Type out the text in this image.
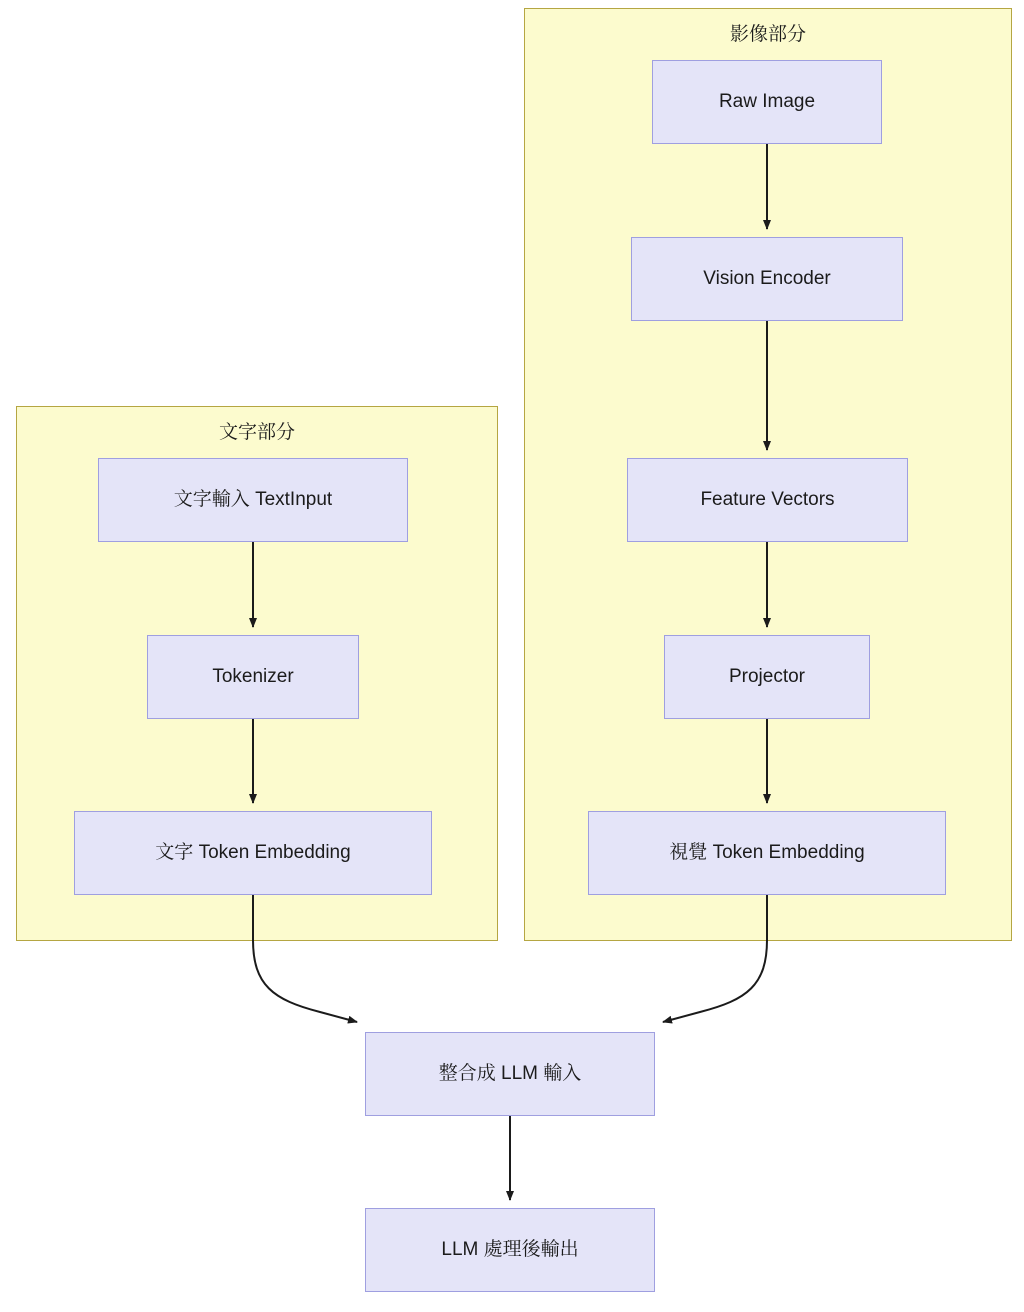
文字部分
影像部分
Raw Image
Vision Encoder
Feature Vectors
Projector
視覺 Token Embedding
文字輸入 TextInput
Tokenizer
文字 Token Embedding
整合成 LLM 輸入
LLM 處理後輸出
